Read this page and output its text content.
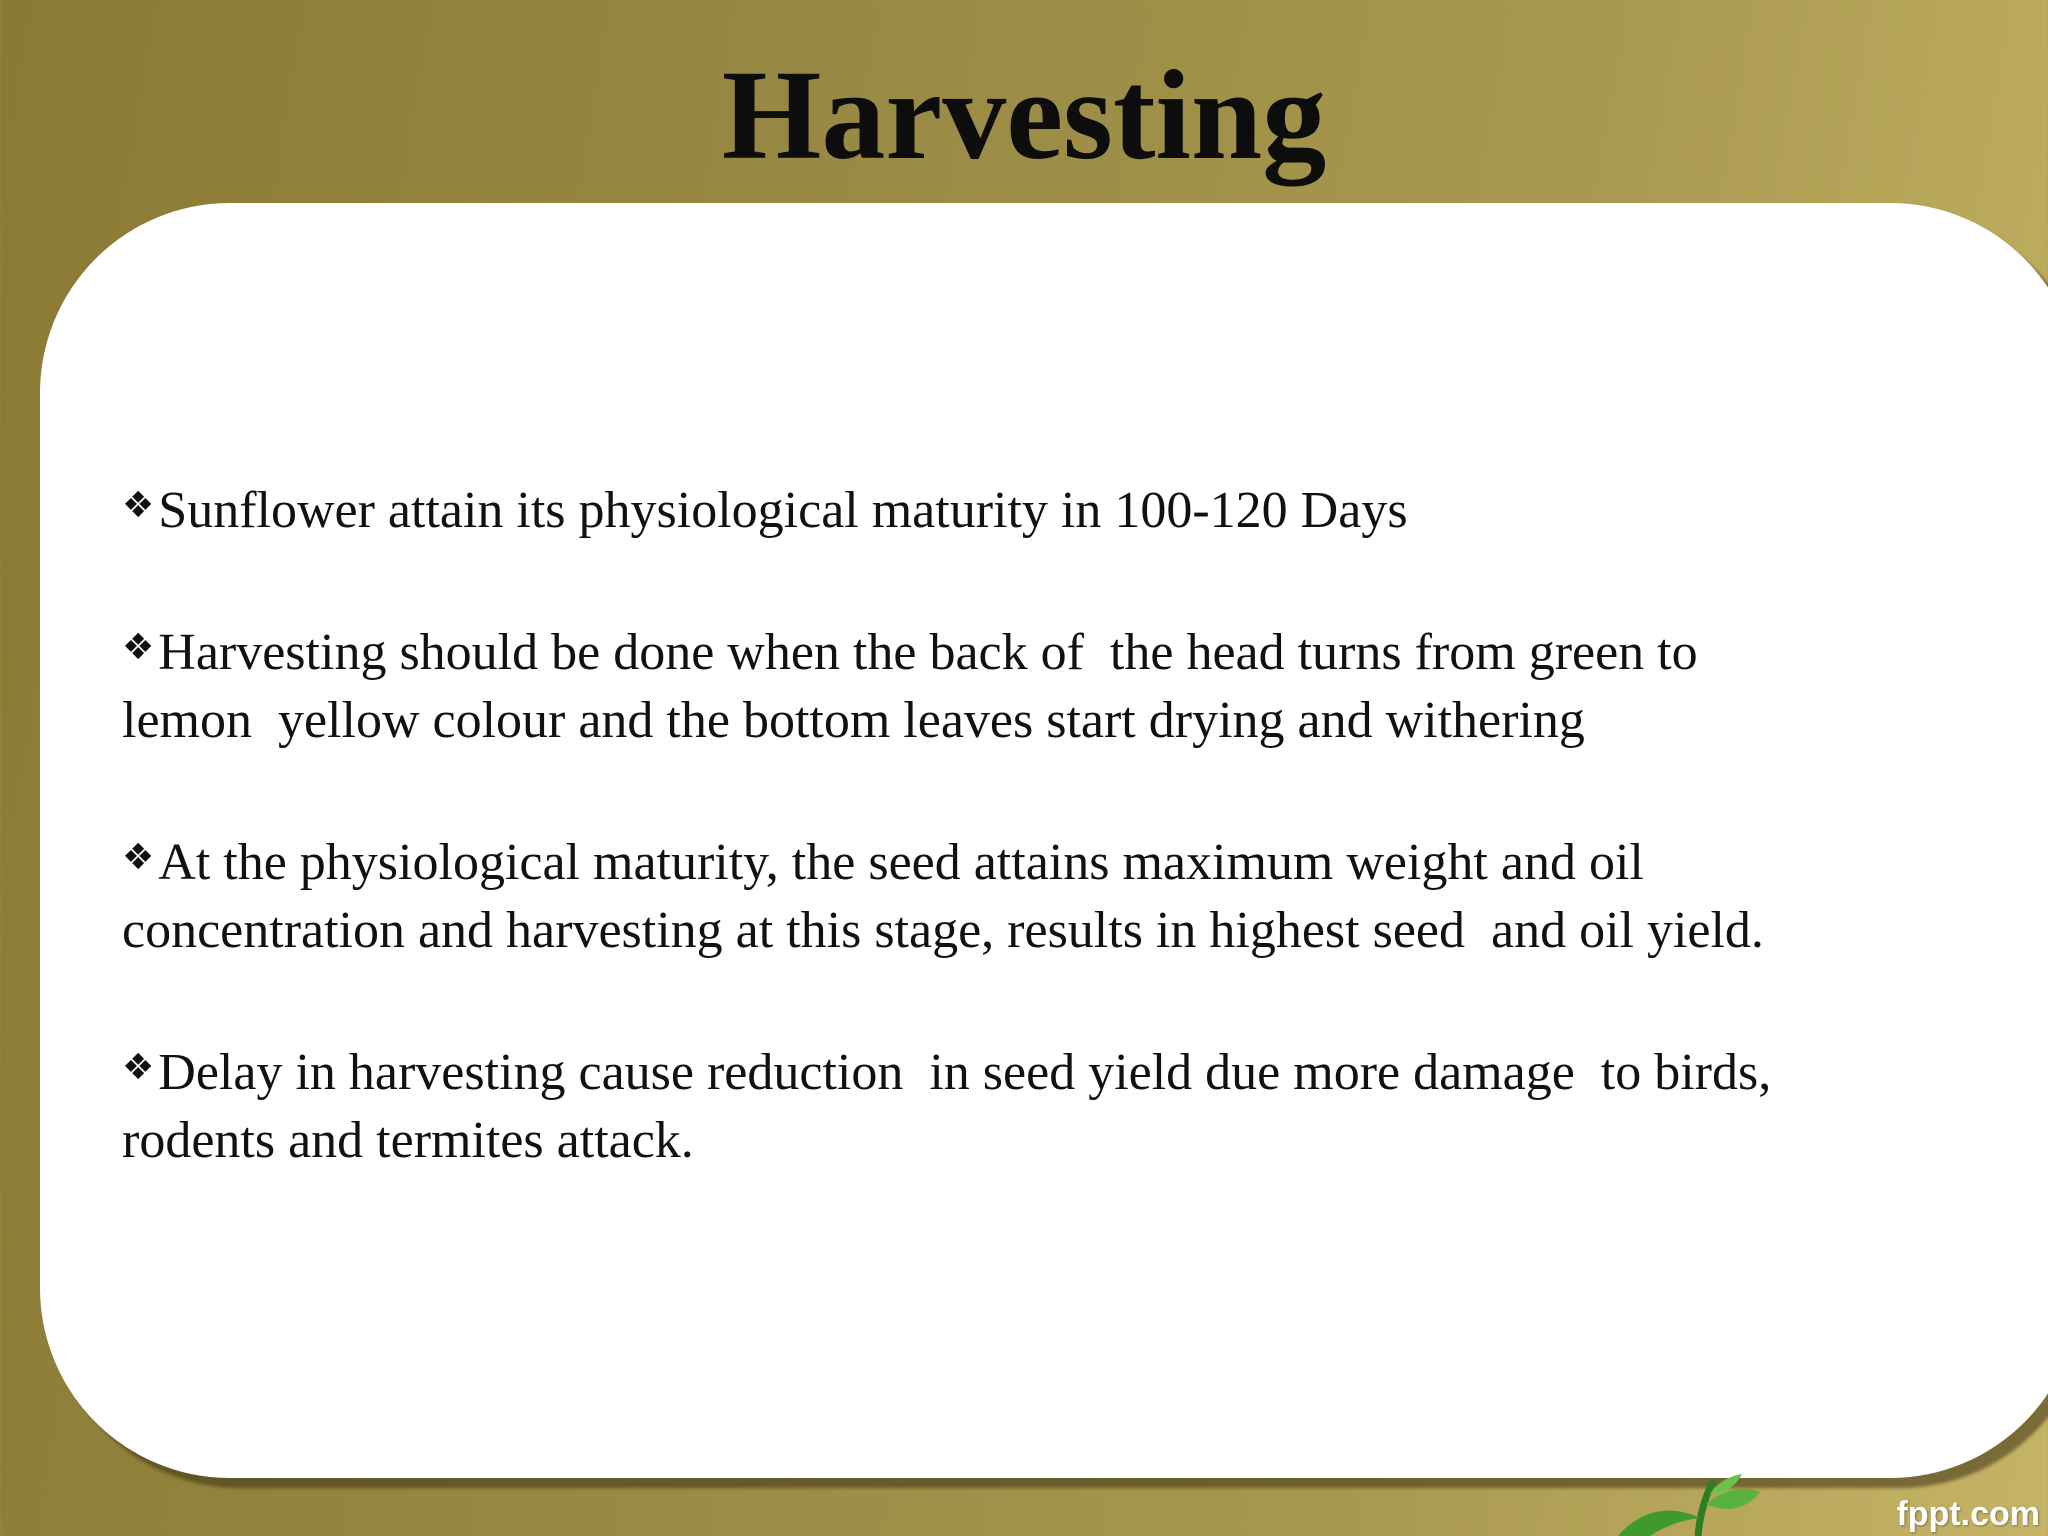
Harvesting
❖Sunflower attain its physiological maturity in 100-120 Days
❖Harvesting should be done when the back of  the head turns from green to
lemon  yellow colour and the bottom leaves start drying and withering
❖At the physiological maturity, the seed attains maximum weight and oil
concentration and harvesting at this stage, results in highest seed  and oil yield.
❖Delay in harvesting cause reduction  in seed yield due more damage  to birds,
rodents and termites attack.
fppt.com
